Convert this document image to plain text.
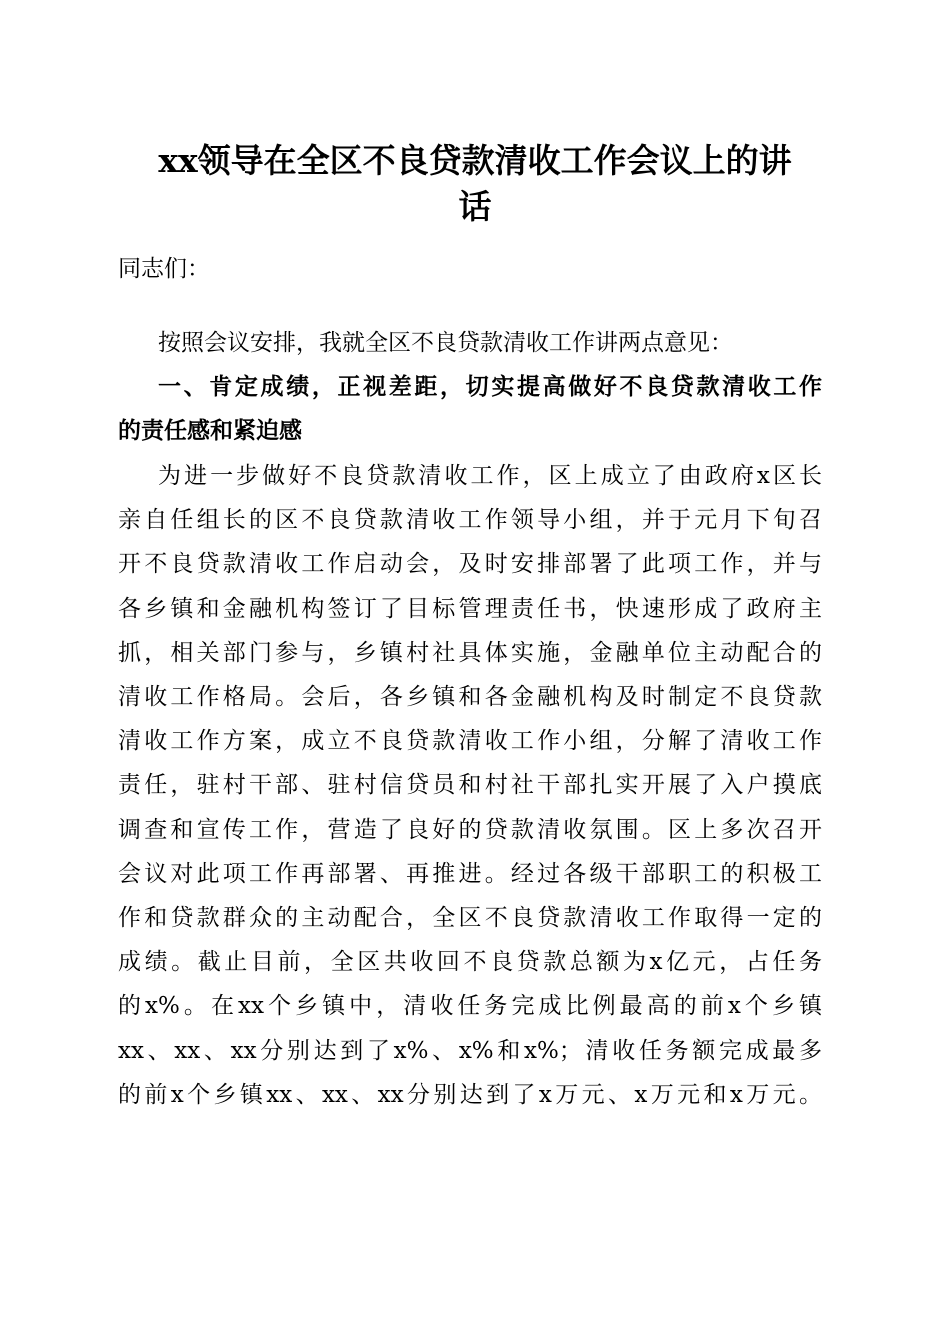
xx领导在全区不良贷款清收工作会议上的讲
话
同志们：
按照会议安排，我就全区不良贷款清收工作讲两点意见：
一、肯定成绩，正视差距，切实提高做好不良贷款清收工作
的责任感和紧迫感
为进一步做好不良贷款清收工作，区上成立了由政府x区长
亲自任组长的区不良贷款清收工作领导小组，并于元月下旬召
开不良贷款清收工作启动会，及时安排部署了此项工作，并与
各乡镇和金融机构签订了目标管理责任书，快速形成了政府主
抓，相关部门参与，乡镇村社具体实施，金融单位主动配合的
清收工作格局。会后，各乡镇和各金融机构及时制定不良贷款
清收工作方案，成立不良贷款清收工作小组，分解了清收工作
责任，驻村干部、驻村信贷员和村社干部扎实开展了入户摸底
调查和宣传工作，营造了良好的贷款清收氛围。区上多次召开
会议对此项工作再部署、再推进。经过各级干部职工的积极工
作和贷款群众的主动配合，全区不良贷款清收工作取得一定的
成绩。截止目前，全区共收回不良贷款总额为x亿元，占任务
的x%。在xx个乡镇中，清收任务完成比例最高的前x个乡镇
xx、xx、xx分别达到了x%、x%和x%；清收任务额完成最多
的前x个乡镇xx、xx、xx分别达到了x万元、x万元和x万元。
